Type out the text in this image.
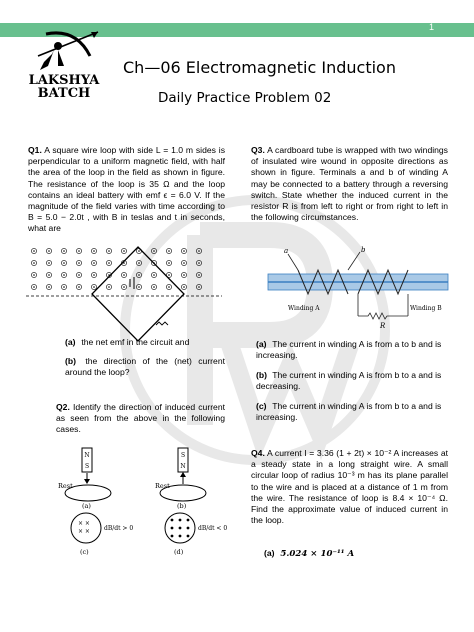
1
LAKSHYA
BATCH
Ch—06 Electromagnetic Induction
Daily Practice Problem 02
Q1. A square wire loop with side L = 1.0 m sides is perpendicular to a uniform magnetic field, with half the area of the loop in the field as shown in figure. The resistance of the loop is 35 Ω and the loop contains an ideal battery with emf ϵ = 6.0 V. If the magnitude of the field varies with time according to B = 5.0 − 2.0t , with B in teslas and t in seconds, what are
(a) the net emf in the circuit and
(b) the direction of the (net) current around the loop?
Q2. Identify the direction of induced current as seen from the above in the following cases.
N
S
Rest
(a)
S
N
Rest
(b)
× ×
× × dB/dt > 0
(c)
dB/dt < 0
(d)
Q3. A cardboard tube is wrapped with two windings of insulated wire wound in opposite directions as shown in figure. Terminals a and b of winding A may be connected to a battery through a reversing switch. State whether the induced current in the resistor R is from left to right or from right to left in the following circumstances.
a	b
R
Winding A	Winding B
(a) The current in winding A is from a to b and is increasing.
(b) The current in winding A is from b to a and is decreasing.
(c) The current in winding A is from b to a and is increasing.
Q4. A current I = 3.36 (1 + 2t) × 10⁻² A increases at a steady state in a long straight wire. A small circular loop of radius 10⁻³ m has its plane parallel to the wire and is placed at a distance of 1 m from the wire. The resistance of loop is 8.4 × 10⁻⁴ Ω. Find the approximate value of induced current in the loop.
(a) 5.024 × 10⁻¹¹ A
